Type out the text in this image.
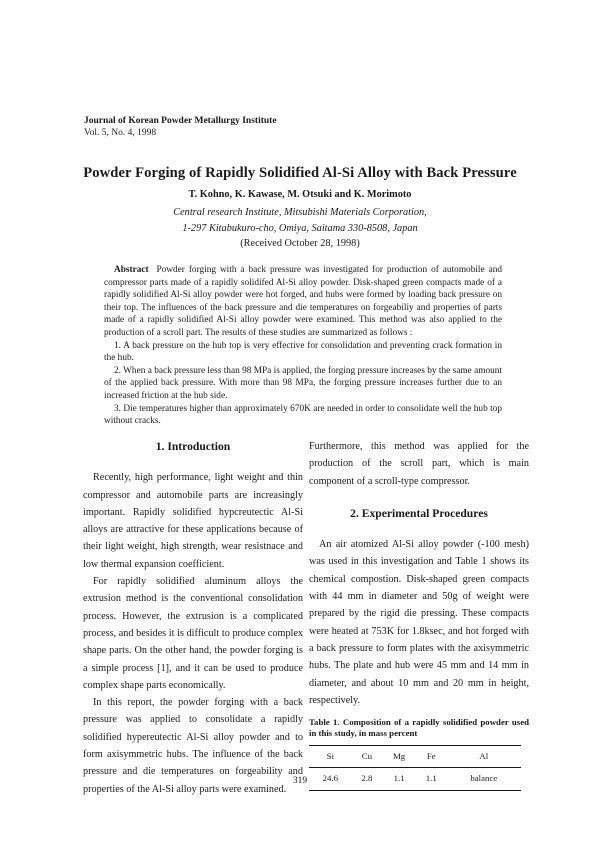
Journal of Korean Powder Metallurgy Institute
Vol. 5, No. 4, 1998
Powder Forging of Rapidly Solidified Al-Si Alloy with Back Pressure
T. Kohno, K. Kawase, M. Otsuki and K. Morimoto
Central research Institute, Mitsubishi Materials Corporation,
1-297 Kitabukuro-cho, Omiya, Saitama 330-8508, Japan
(Received October 28, 1998)

Abstract Powder forging with a back pressure was investigated for production of automobile and compressor parts made of a rapidly solidifed Al-Si alloy powder. Disk-shaped green compacts made of a rapidly solidified Al-Si alloy powder were hot forged, and hubs were formed by loading back pressure on their top. The influences of the back pressure and die temperatures on forgeabiliy and properties of parts made of a rapidly solidified Al-Si alloy powder were examined. This method was also applied to the production of a scroll part. The results of these studies are summarized as follows :

1. A back pressure on the hub top is very effective for consolidation and preventing crack formation in the hub.

2. When a back pressure less than 98 MPa is applied, the forging pressure increases by the same amount of the applied back pressure. With more than 98 MPa, the forging pressure increases further due to an increased friction at the hub side.

3. Die temperatures higher than approximately 670K are needed in order to consolidate well the hub top without cracks.

1. Introduction

Recently, high performance, light weight and thin compressor and automobile parts are increasingly important. Rapidly solidified hypcreutectic Al-Si alloys are attractive for these applications because of their light weight, high strength, wear resistnace and low thermal expansion coefficient.

For rapidly solidified aluminum alloys the extrusion method is the conventional consolidation process. However, the extrusion is a complicated process, and besides it is difficult to produce complex shape parts. On the other hand, the powder forging is a simple process [1], and it can be used to produce complex shape parts economically.

In this report, the powder forging with a back pressure was applied to consolidate a rapidly solidified hypereutectic Al-Si alloy powder and to form axisymmetric hubs. The influence of the back pressure and die temperatures on forgeability and properties of the Al-Si alloy parts were examined.

Furthermore, this method was applied for the production of the scroll part, which is main component of a scroll-type compressor.

2. Experimental Procedures

An air atomized Al-Si alloy powder (-100 mesh) was used in this investigation and Table 1 shows its chemical compostion. Disk-shaped green compacts with 44 mm in diameter and 50g of weight were prepared by the rigid die pressing. These compacts were heated at 753K for 1.8ksec, and hot forged with a back pressure to form plates with the axisymmetric hubs. The plate and hub were 45 mm and 14 mm in diameter, and about 10 mm and 20 mm in height, respectively.

Table 1. Composition of a rapidly solidified powder used in this study, in mass percent
Si	Cu	Mg	Fe	Al
24.6	2.8	1.1	1.1	balance
319
